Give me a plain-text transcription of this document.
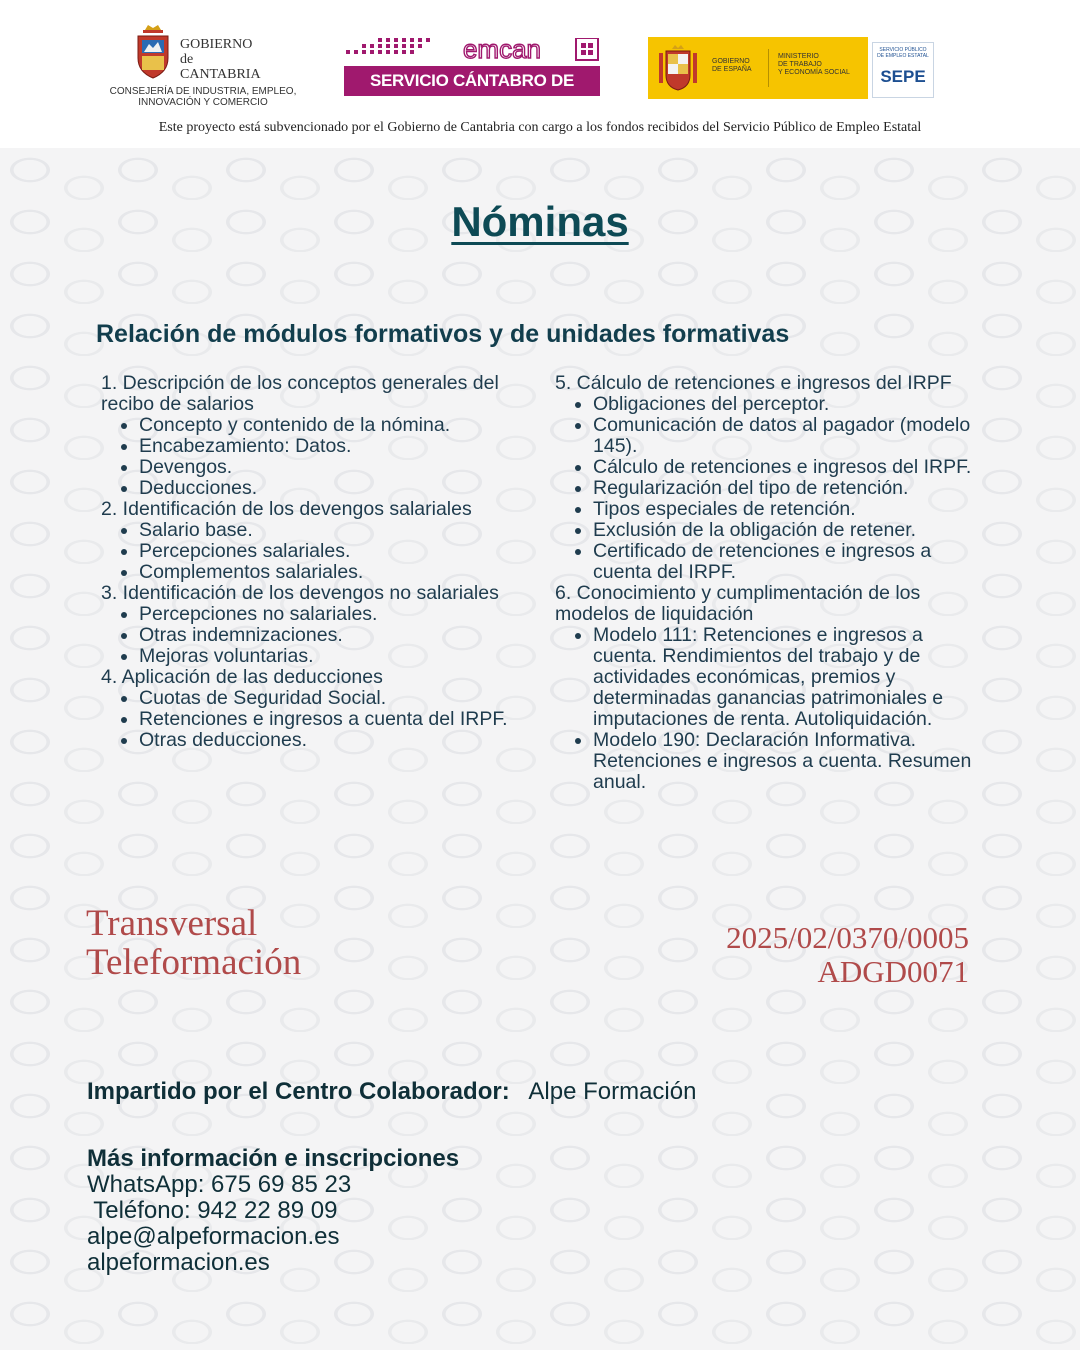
GOBIERNO
de
CANTABRIA
CONSEJERÍA DE INDUSTRIA, EMPLEO,
INNOVACIÓN Y COMERCIO
emcan
SERVICIO CÁNTABRO DE EMPLEO
GOBIERNO
DE ESPAÑA
MINISTERIO
DE TRABAJO
Y ECONOMÍA SOCIAL
SERVICIO PÚBLICO
DE EMPLEO ESTATAL
SEPE
Este proyecto está subvencionado por el Gobierno de Cantabria con cargo a los fondos recibidos del Servicio Público de Empleo Estatal
Nóminas
Relación de módulos formativos y de unidades formativas
1. Descripción de los conceptos generales del recibo de salarios
• Concepto y contenido de la nómina.
• Encabezamiento: Datos.
• Devengos.
• Deducciones.
2. Identificación de los devengos salariales
• Salario base.
• Percepciones salariales.
• Complementos salariales.
3. Identificación de los devengos no salariales
• Percepciones no salariales.
• Otras indemnizaciones.
• Mejoras voluntarias.
4. Aplicación de las deducciones
• Cuotas de Seguridad Social.
• Retenciones e ingresos a cuenta del IRPF.
• Otras deducciones.
5. Cálculo de retenciones e ingresos del IRPF
• Obligaciones del perceptor.
• Comunicación de datos al pagador (modelo 145).
• Cálculo de retenciones e ingresos del IRPF.
• Regularización del tipo de retención.
• Tipos especiales de retención.
• Exclusión de la obligación de retener.
• Certificado de retenciones e ingresos a cuenta del IRPF.
6. Conocimiento y cumplimentación de los modelos de liquidación
• Modelo 111: Retenciones e ingresos a cuenta. Rendimientos del trabajo y de actividades económicas, premios y determinadas ganancias patrimoniales e imputaciones de renta. Autoliquidación.
• Modelo 190: Declaración Informativa. Retenciones e ingresos a cuenta. Resumen anual.
Transversal
Teleformación
2025/02/0370/0005
ADGD0071
Impartido por el Centro Colaborador: Alpe Formación
Más información e inscripciones
WhatsApp: 675 69 85 23
Teléfono: 942 22 89 09
alpe@alpeformacion.es
alpeformacion.es
